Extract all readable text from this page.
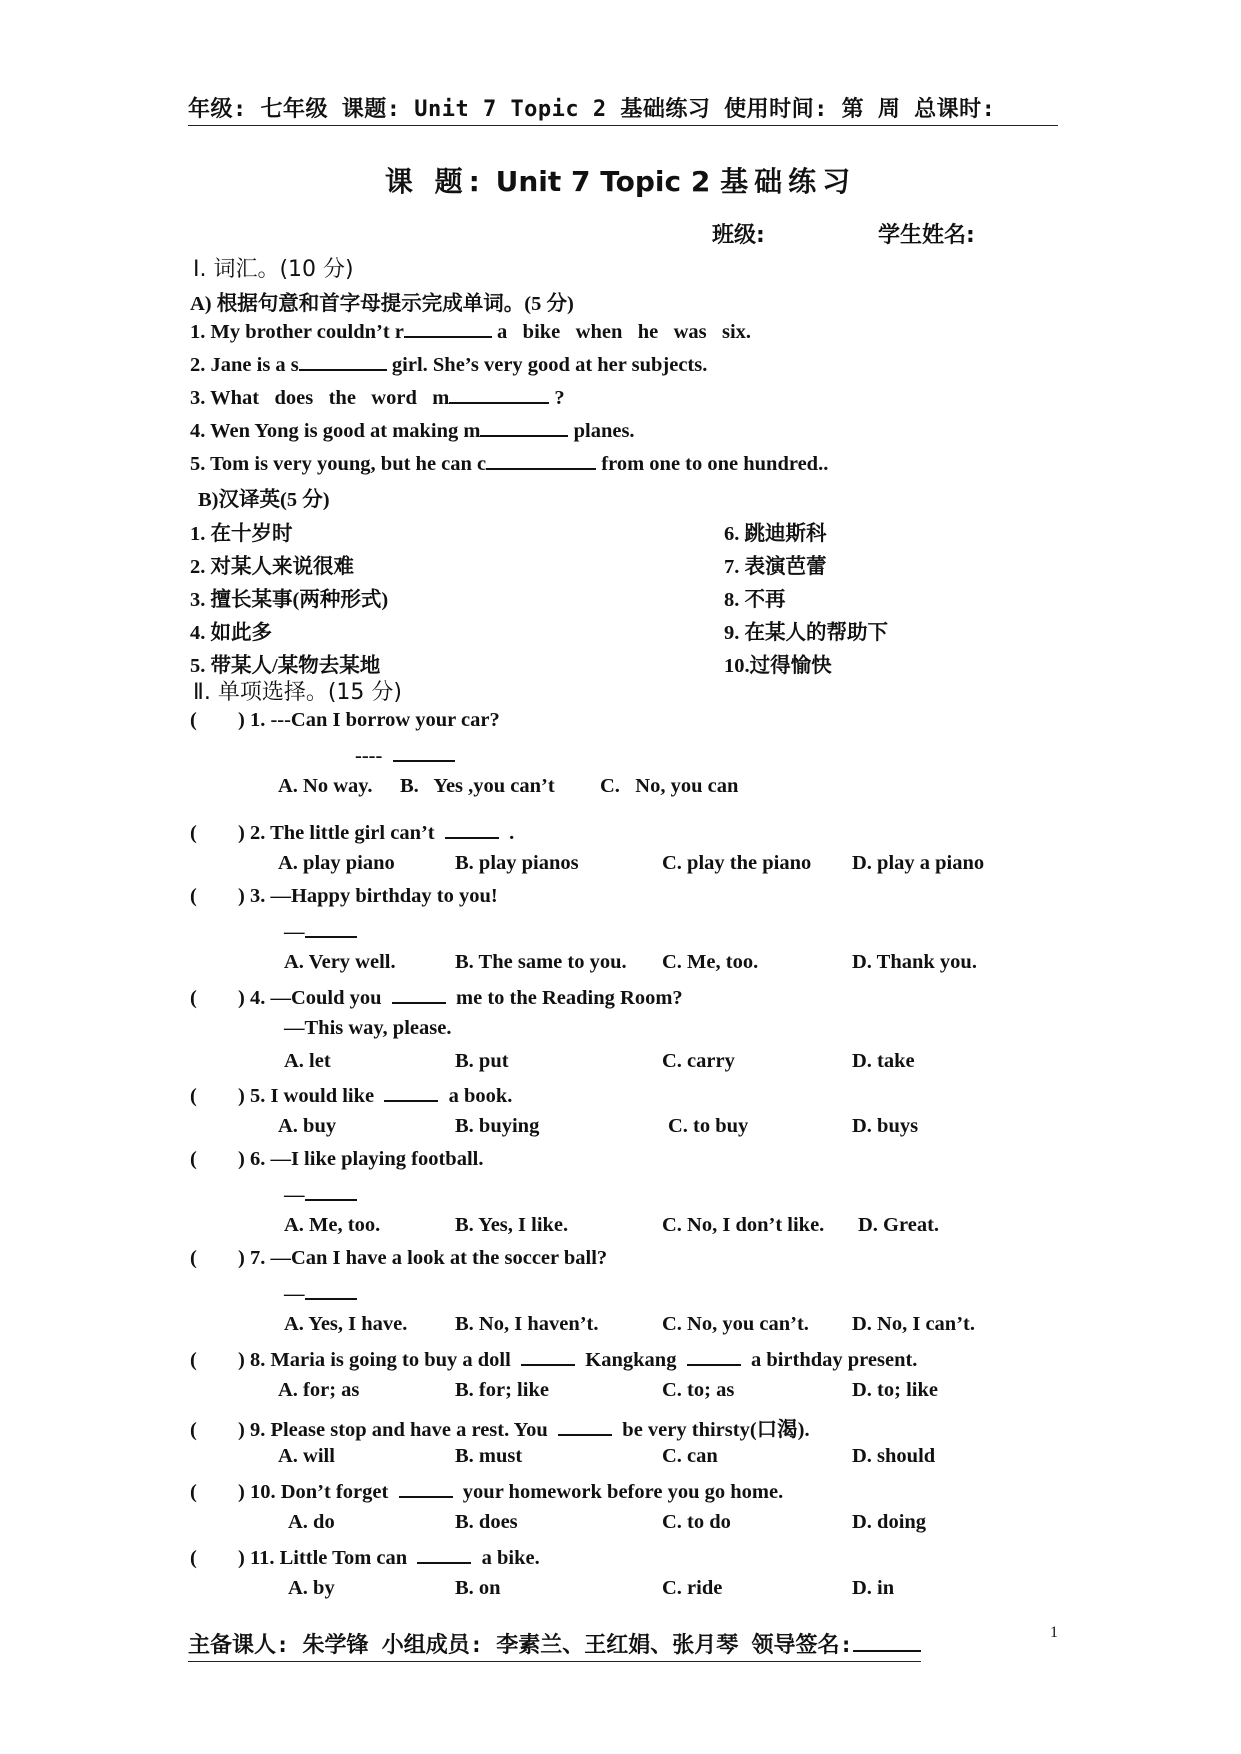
年级: 七年级 课题: Unit 7 Topic 2 基础练习 使用时间: 第 周 总课时:
课 题: Unit 7 Topic 2 基础练习
班级:	学生姓名:
Ⅰ. 词汇。(10 分)
A) 根据句意和首字母提示完成单词。(5 分)
1. My brother couldn’t r	a   bike   when   he   was   six.
2. Jane is a s	girl. She’s very good at her subjects.
3. What   does   the   word   m	?
4. Wen Yong is good at making m	planes.
5. Tom is very young, but he can c	from one to one hundred..
B)汉译英(5 分)
1. 在十岁时	6. 跳迪斯科
2. 对某人来说很难	7. 表演芭蕾
3. 擅长某事(两种形式)	8. 不再
4. 如此多	9. 在某人的帮助下
5. 带某人/某物去某地	10.过得愉快
Ⅱ. 单项选择。(15 分)
( ) 1. ---Can I borrow your car?
----
A. No way. B.   Yes ,you can’t C.   No, you can
( ) 2. The little girl can’t	.
A. play piano	B. play pianos	C. play the piano D. play a piano
( ) 3. —Happy birthday to you!
—
A. Very well.	B. The same to you. C. Me, too.	D. Thank you.
( ) 4. —Could you	me to the Reading Room?
—This way, please.
A. let	B. put	C. carry	D. take
( ) 5. I would like	a book.
A. buy	B. buying	C. to buy	D. buys
( ) 6. —I like playing football.
—
A. Me, too.	B. Yes, I like.	C. No, I don’t like. D. Great.
( ) 7. —Can I have a look at the soccer ball?
—
A. Yes, I have. B. No, I haven’t.	C. No, you can’t. D. No, I can’t.
( ) 8. Maria is going to buy a doll	Kangkang	a birthday present.
A. for; as	B. for; like	C. to; as	D. to; like
( ) 9. Please stop and have a rest. You	be very thirsty(口渴).
A. will	B. must	C. can	D. should
( ) 10. Don’t forget	your homework before you go home.
A. do	B. does	C. to do	D. doing
( ) 11. Little Tom can	a bike.
A. by	B. on	C. ride	D. in
主备课人: 朱学锋 小组成员: 李素兰、王红娟、张月琴 领导签名:
1
